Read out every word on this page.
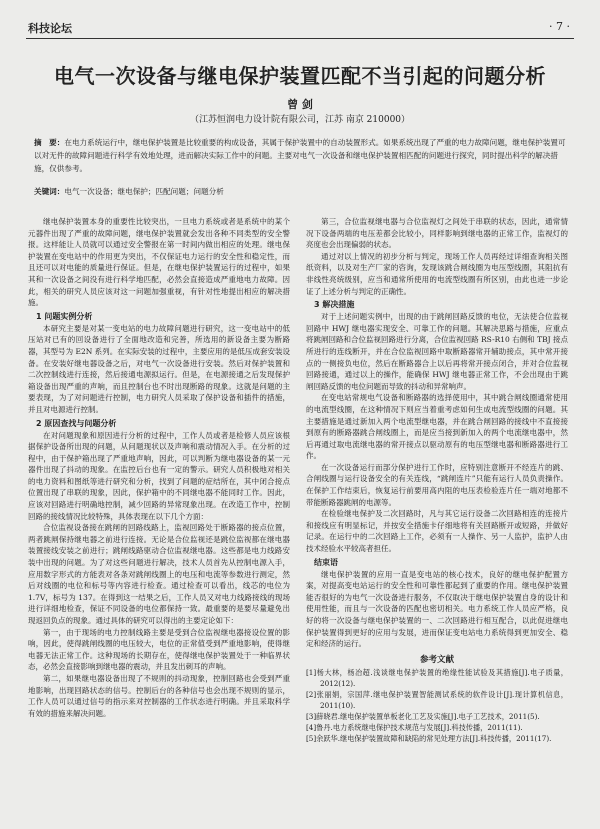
科技论坛	· 7 ·
电气一次设备与继电保护装置匹配不当引起的问题分析
曾 剑
（江苏恒润电力设计院有限公司，江苏 南京 210000）
摘　要：在电力系统运行中，继电保护装置是比较重要的构成设备，其属于保护装置中的自动装置形式。如果系统出现了严重的电力故障问题，继电保护装置可以对无件的故障问题进行科学有效地处理，进而解决实际工作中的问题。主要对电气一次设备和继电保护装置相匹配的问题进行探究，同时提出科学的解决措施，仅供参考。
关键词：电气一次设备；继电保护；匹配问题；问题分析

继电保护装置本身的重要性比较突出，一旦电力系统或者是系统中的某个元器件出现了严重的故障问题，继电保护装置就会发出各种不同类型的安全警报。这样能让人员就可以通过安全警报在第一时间内做出相应的处理。继电保护装置在变电站中的作用更为突出，不仅保证电力运行的安全性和稳定性，而且还可以对电能的质量进行保证。但是，在继电保护装置运行的过程中，如果其和一次设备之间没有进行科学地匹配，必然会直接造成严重地电力故障。因此，相关的研究人员应该对这一问题加强重视，有针对性地提出相应的解决措施。

1 问题实例分析

本研究主要是对某一变电站的电力故障问题进行研究，这一变电站中的低压站对已有的回设备进行了全面地改造和完善，所选用的新设备主要为断路器，其型号为 E2N 系列。在实际安装的过程中，主要应用的是低压成套安装设备。在安装好继电器设备之后，对电气一次设备进行安装。然后对保护装置和二次控制线进行连接，然后接通电源拟运行。但是，在电源接通之后发现保护箱设备出现严重的声响，而且控制台也不时出现断路的现象。这就是问题的主要表现，为了对问题进行控制，电力研究人员采取了保护设备和插件的措施，并且对电源进行控制。

2 原因查找与问题分析

在对问题现象和原因进行分析的过程中，工作人员或者是检修人员应该根据保护设备所出现的问题，从问题现状以及声响和震动情况入手。在分析的过程中，由于保护箱出现了严重地声响，因此，可以判断为继电器设备的某一元器件出现了抖动的现象。在监控后台也有一定的警示。研究人员积极地对相关的电力资料和图纸等进行研究和分析，找到了问题的症结所在，其中闭合接点位置出现了串联的现象，因此，保护箱中的不同继电器不能同时工作。因此，应该对回路进行明确地控制，减少回路的异常现象出现。在改造工作中，控制回路的接线情况比较特殊，具体表现在以下几个方面：

合位监视设备接在跳闸的回路线路上，监视回路处于断路器的接点位置，两者跳闸保持继电器之前进行连接。无论是合位监视还是跳位监视都在继电器装置接线安装之前进行；跳闸线路驱动合位监视继电器。这些都是电力线路安装中出现的问题。为了对这些问题进行解决，技术人员首先从控制电源入手，应用数字形式的方能表对各条对跳闸线圈上的电压和电流等参数进行测定，然后对线圈的电位和标号等内容进行检查。通过检查可以看出，线芯的电位为 1.7V，标号为 137。在得到这一结果之后，工作人员又对电力线路接线的现场进行详细地检查，保证不同设备的电位都保持一致。最重要的是要尽量避免出现返回负点的现象。通过具体的研究可以得出的主要定论如下：

第一，由于现场的电力控制线路主要是受到合位监视继电器接设位置的影响，因此，使得跳闸线圈的电压较大，电位的正常值受到严重地影响，使得继电器无法正常工作。这种现场的长期存在，使得继电保护装置处于一种临界状态，必然会直接影响到继电器的震动，并且发出刺耳的声响。

第二，如果继电器设备出现了不规则的抖动现象，控制回路也会受到严重地影响，出现回路状态的信号。控制后台的各种信号也会出现不规则的显示，工作人员可以通过信号的指示来对控制器的工作状态进行明确。并且采取科学有效的措施来解决问题。

第三，合位监视继电器与合位监视灯之间处于串联的状态，因此，通常情况下设备两端的电压差都会比较小，同样影响到继电器的正常工作，监视灯的亮度也会出现偏弱的状态。

通过对以上情况的初步分析与判定，现场工作人员再经过详细查询相关图纸资料，以及对生产厂家的咨询，发现该跳合闸线圈为电压型线圈，其阻抗有非线性亮统级别，应当和通常所使用的电流型线圈有所区别，由此也进一步论证了上述分析与判定的正确性。

3 解决措施

对于上述问题实例中，出现的由于跳闸回路反馈的电位，无法使合位监视回路中 HWJ 继电器实现安全、可靠工作的问题。其解决思路与措施，应重点将跳闸回路和合位监视回路进行分离，合位监视回路 RS-R10 右侧和 TBJ 接点所进行的连线断开，并在合位监视回路中取断路器常开辅助接点，其中常开接点的一侧接负电位，然后在断路器合上以后再将常开接点闭合，并对合位监视回路接通，通过以上的操作，能确保 HWJ 继电器正常工作，不会出现由于跳闸回路反馈的电位问题而导致的抖动和异常响声。

在变电站常规电气设备和断路器的选择使用中，其中跳合闸线圈通常使用的电流型线圈，在这种情况下则应当着重考虑如何生成电流型线圈的问题。其主要措施是通过新加入两个电流型继电器，并在跳合闸回路的接线中不直接接到原有的断路器跳合闸线圈上，而是应当接到新加入的两个电流继电器中，然后再通过取电流继电器的常开接点以驱动原有的电压型继电器和断路器进行工作。

在一次设备运行而部分保护进行工作时，应特别注意断开不经连片的跳、合闸线圈与运行设备安全的有关连线，“跳闸连片”只能有运行人员负责操作。在保护工作结束后，恢复运行前要用高内阻的电压表检验连片任一端对地都不带能断路器跳闸的电源等。

在检验继电保护及二次回路时，凡与其它运行设备二次回路相连的连接片和接线应有明显标记，并按安全措施卡仔细地将有关回路断开或短路，并做好记录。在运行中的二次回路上工作，必须有一人操作、另一人监护，监护人由技术经验水平较高者担任。

结束语

继电保护装置的应用一直是变电站的核心技术，良好的继电保护配置方案，对提高变电站运行的安全性和可靠性都起到了重要的作用。继电保护装置能否很好的为电气一次设备进行服务，不仅取决于继电保护装置自身的设计和使用性能，而且与一次设备的匹配也密切相关。电力系统工作人员应严格，良好的将一次设备与继电保护装置的一、二次回路进行相互配合，以此促进继电保护装置得到更好的应用与发展，进而保证变电站电力系统得到更加安全、稳定和经济的运行。

参考文献
[1]杨大林，杨冶超.浅谈继电保护装置的绝缘性能试验及其措施[J].电子质量，2012(12).
[2]张丽娟，宗国萍.继电保护装置智能测试系统的软件设计[J].现计算机信息，2011(10).
[3]薛晓君.继电保护装置单板老化工艺及实施[J].电子工艺技术，2011(5).
[4]鲁丹.电力系统继电保护技术规范与发展[J].科技传播，2011(11).
[5]余跃华.继电保护装置故障和缺陷的常见处理方法[J].科技传播，2011(17).
